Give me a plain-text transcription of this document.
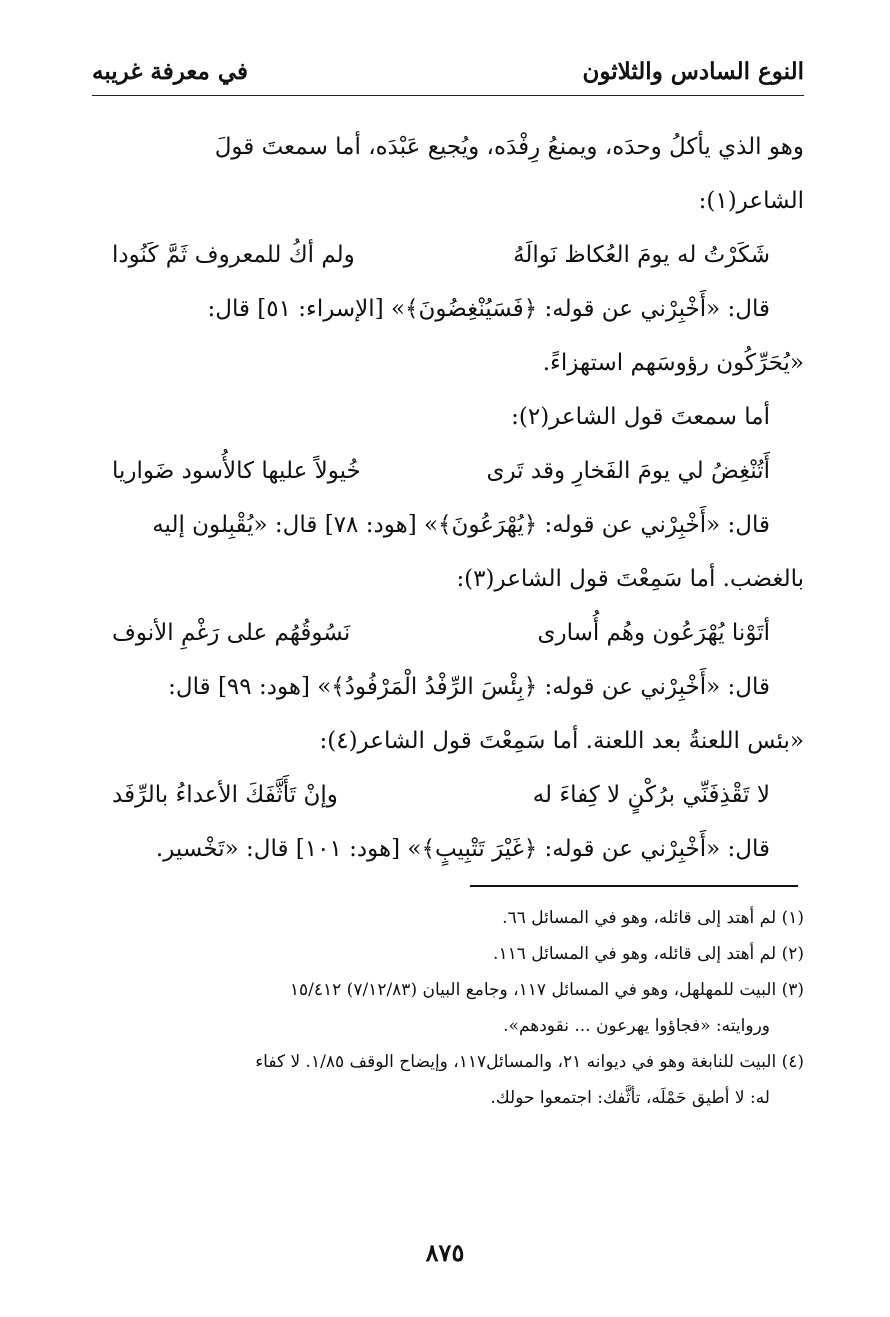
النوع السادس والثلاثون
في معرفة غريبه
وهو الذي يأكلُ وحدَه، ويمنعُ رِفْدَه، ويُجيع عَبْدَه، أما سمعتَ قولَ
الشاعر(١):
شَكَرْتُ له يومَ العُكاظ نَوالَهُ
ولم أكُ للمعروف ثَمَّ كَنُودا
قال: «أَخْبِرْني عن قوله: ﴿فَسَيُنْغِضُونَ﴾» [الإسراء: ٥١] قال:
«يُحَرِّكُون رؤوسَهم استهزاءً.
أما سمعتَ قول الشاعر(٢):
أَتُنْغِضُ لي يومَ الفَخارِ وقد تَرى
خُيولاً عليها كالأُسود ضَواريا
قال: «أَخْبِرْني عن قوله: ﴿يُهْرَعُونَ﴾» [هود: ٧٨] قال: «يُقْبِلون إليه
بالغضب. أما سَمِعْتَ قول الشاعر(٣):
أتَوْنا يُهْرَعُون وهُم أُسارى
نَسُوقُهُم على رَغْمِ الأنوف
قال: «أَخْبِرْني عن قوله: ﴿بِئْسَ الرِّفْدُ الْمَرْفُودُ﴾» [هود: ٩٩] قال:
«بئس اللعنةُ بعد اللعنة. أما سَمِعْتَ قول الشاعر(٤):
لا تَقْذِفَنِّي برُكْنٍ لا كِفاءَ له
وإنْ تَأَثَّفَكَ الأعداءُ بالرِّفَد
قال: «أَخْبِرْني عن قوله: ﴿غَيْرَ تَتْبِيبٍ﴾» [هود: ١٠١] قال: «تَخْسير.
(١) لم أهتد إلى قائله، وهو في المسائل ٦٦.
(٢) لم أهتد إلى قائله، وهو في المسائل ١١٦.
(٣) البيت للمهلهل، وهو في المسائل ١١٧، وجامع البيان (٧/١٢/٨٣) ١٥/٤١٢
وروايته: «فجاؤوا يهرعون ... نقودهم».
(٤) البيت للنابغة وهو في ديوانه ٢١، والمسائل١١٧، وإيضاح الوقف ١/٨٥. لا كفاء
له: لا أطيق حَمْلَه، تأثَّفك: اجتمعوا حولك.
٨٧٥
